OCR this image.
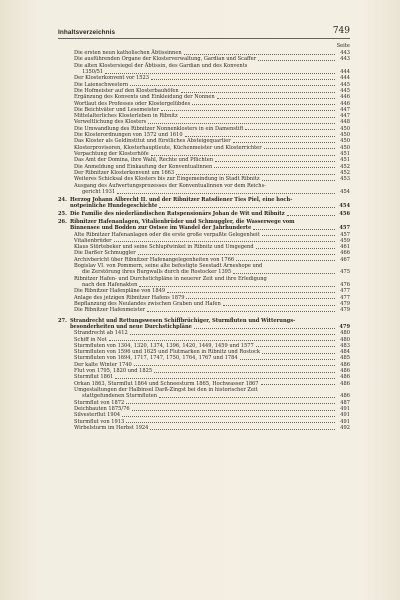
Inhaltsverzeichnis	749
Seite
Die ersten neun katholischen Äbtissinnen	443
Die ausführenden Organe der Klosterverwaltung, Gardian und Scaffer	443
Die alten Klostersiegel der Äbtissin, des Gardian und des Konvents
1350/51	444
Der Klosterkonvent vor 1523	444
Die Laienschwestern	445
Die Hofmeister auf den Klosterbauhöfen	445
Ergänzung des Konvents und Einkleidung der Nonnen	446
Wortlaut des Professes oder Klostergelübdes	446
Die Beichtväter und Lesemeister	447
Mittelalterliches Klosterleben in Ribnitz	447
Verweltlichung des Klosters	448
Die Umwandlung des Ribnitzer Nonnenklosters in ein Damenstift	450
Die Klosterordnungen von 1572 und 1610	450
Das Kloster als Geldinstitut und fürstliches Absteigequartier	450
Klosterprovisoren, Klosterhauptleute, Küchenmeister und Klosterrichter	450
Verpachtung der Klosterhöfe	451
Das Amt der Domina, ihre Wahl, Rechte und Pflichten	451
Die Anmeldung und Einkaufung der Konventualinnen	452
Der Ribnitzer Klosterkonvent um 1663	452
Weiteres Schicksal des Klosters bis zur Eingemeindung in Stadt Ribnitz	453
Ausgang des Aufwertungsprozesses der Konventualinnen vor dem Reichs-
gericht 1931	454
24. Herzog Johann Albrecht II. und der Ribnitzer Ratsdiener Ties Piel, eine hoch-
notpeinliche Hundegeschichte	454
25. Die Familie des niederländischen Ratspensionärs Johan de Wit und Ribnitz	456
26. Ribnitzer Hafenanlagen, Vitalienbrüder und Schmuggler, die Wasserwege vom
Binnensee und Bodden zur Ostsee im Wandel der Jahrhunderte	457
Alte Ribnitzer Hafenanlagen oder die erste große verpaßte Gelegenheit	457
Vitalienbrüder	459
Klaus Störtebeker und seine Schlupfwinkel in Ribnitz und Umgegend	461
Die Darßer Schmuggler	466
Archivbericht über Ribnitzer Hafenangelegenheiten von 1766	467
Bogislav VI. von Pommern, seine alte befestigte Seestadt Arneshope und
die Zerstörung ihres Burgwalls durch die Rostocker 1395	475
Ribnitzer Hafen- und Durchstichpläne in neuerer Zeit und ihre Erledigung
nach den Hafenakten	476
Die Ribnitzer Hafenpläne von 1849	477
Anlage des jetzigen Ribnitzer Hafens 1879	477
Bepflanzung des Neulandes zwischen Graben und Hafen	479
Die Ribnitzer Hafenmeister	479
27. Strandrecht und Rettungswesen Schiffbrüchiger, Sturmfluten und Witterungs-
besonderheiten und neue Durchstichpläne	479
Strandrecht ab 1412	480
Schiff in Not	480
Sturmfluten von 1304, 1320, 1374, 1396, 1420, 1449, 1459 und 1577	483
Sturmfluten von 1596 und 1625 und Flutmarken in Ribnitz und Rostock	484
Sturmfluten von 1694, 1717, 1747, 1750, 1764, 1767 und 1784	485
Der kalte Winter 1740	486
Flut von 1795, 1820 und 1825	486
Sturmflut 1861	486
Orkan 1863, Sturmflut 1864 und Schneesturm 1865, Hochwasser 1867	486
Umgestaltungen der Halbinsel Darß-Zingst bei den in historischer Zeit
stattgefundenen Sturmfluten	486
Sturmflut von 1872	487
Deichbauten 1875/76	491
Silvesterflut 1904	491
Sturmflut von 1913	491
Wirbelsturm im Herbst 1924	492
